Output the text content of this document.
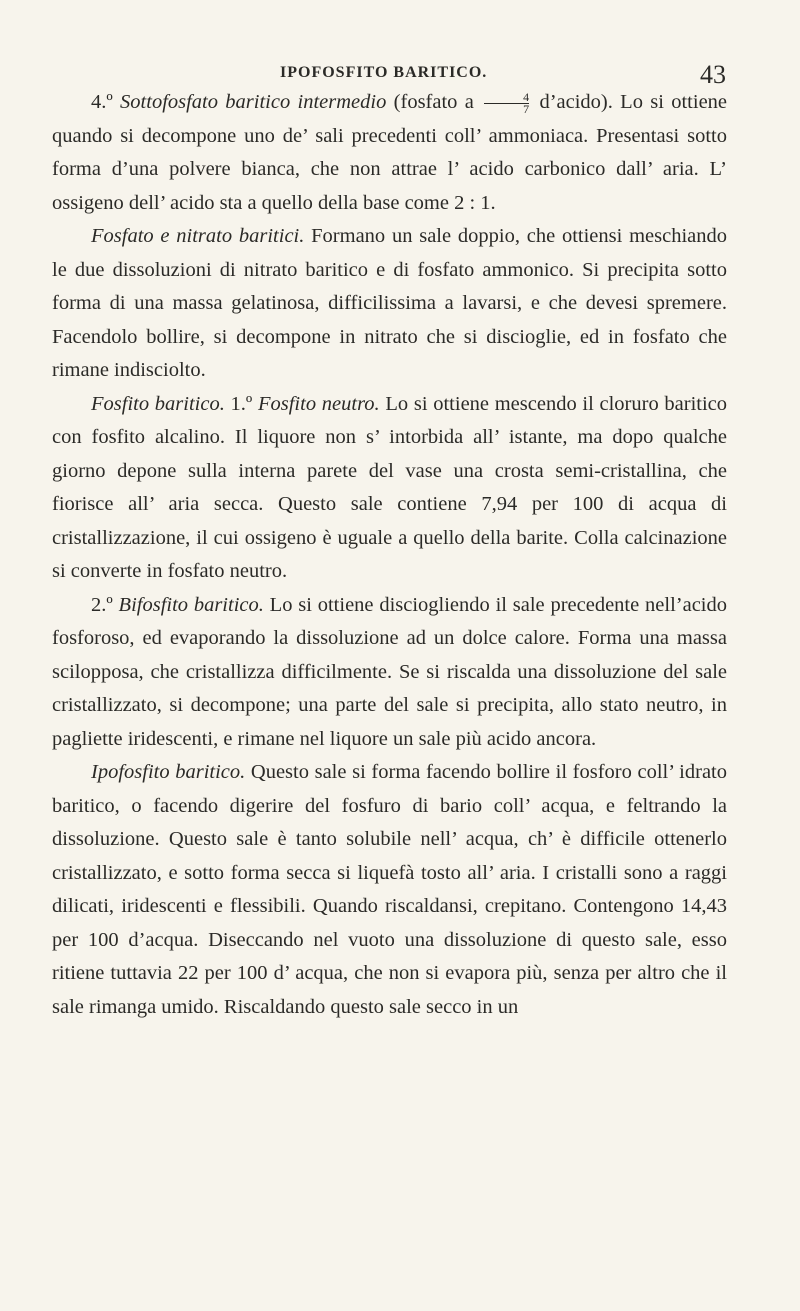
IPOFOSFITO BARITICO.	43

4.º Sottofosfato baritico intermedio (fosfato a $\frac{4}{7}$ d’acido). Lo si ottiene quando si decompone uno de’ sali precedenti coll’ ammoniaca. Presentasi sotto forma d’una polvere bianca, che non attrae l’ acido carbonico dall’ aria. L’ ossigeno dell’ acido sta a quello della base come 2 : 1.

Fosfato e nitrato baritici. Formano un sale doppio, che ottiensi meschiando le due dissoluzioni di nitrato baritico e di fosfato ammonico. Si precipita sotto forma di una massa gelatinosa, difficilissima a lavarsi, e che devesi spremere. Facendolo bollire, si decompone in nitrato che si discioglie, ed in fosfato che rimane indisciolto.

Fosfito baritico. 1.º Fosfito neutro. Lo si ottiene mescendo il cloruro baritico con fosfito alcalino. Il liquore non s’ intorbida all’ istante, ma dopo qualche giorno depone sulla interna parete del vase una crosta semi-cristallina, che fiorisce all’ aria secca. Questo sale contiene 7,94 per 100 di acqua di cristallizzazione, il cui ossigeno è uguale a quello della barite. Colla calcinazione si converte in fosfato neutro.

2.º Bifosfito baritico. Lo si ottiene disciogliendo il sale precedente nell’acido fosforoso, ed evaporando la dissoluzione ad un dolce calore. Forma una massa scilopposa, che cristallizza difficilmente. Se si riscalda una dissoluzione del sale cristallizzato, si decompone; una parte del sale si precipita, allo stato neutro, in pagliette iridescenti, e rimane nel liquore un sale più acido ancora.

Ipofosfito baritico. Questo sale si forma facendo bollire il fosforo coll’ idrato baritico, o facendo digerire del fosfuro di bario coll’ acqua, e feltrando la dissoluzione. Questo sale è tanto solubile nell’ acqua, ch’ è difficile ottenerlo cristallizzato, e sotto forma secca si liquefà tosto all’ aria. I cristalli sono a raggi dilicati, iridescenti e flessibili. Quando riscaldansi, crepitano. Contengono 14,43 per 100 d’acqua. Diseccando nel vuoto una dissoluzione di questo sale, esso ritiene tuttavia 22 per 100 d’ acqua, che non si evapora più, senza per altro che il sale rimanga umido. Riscaldando questo sale secco in un
